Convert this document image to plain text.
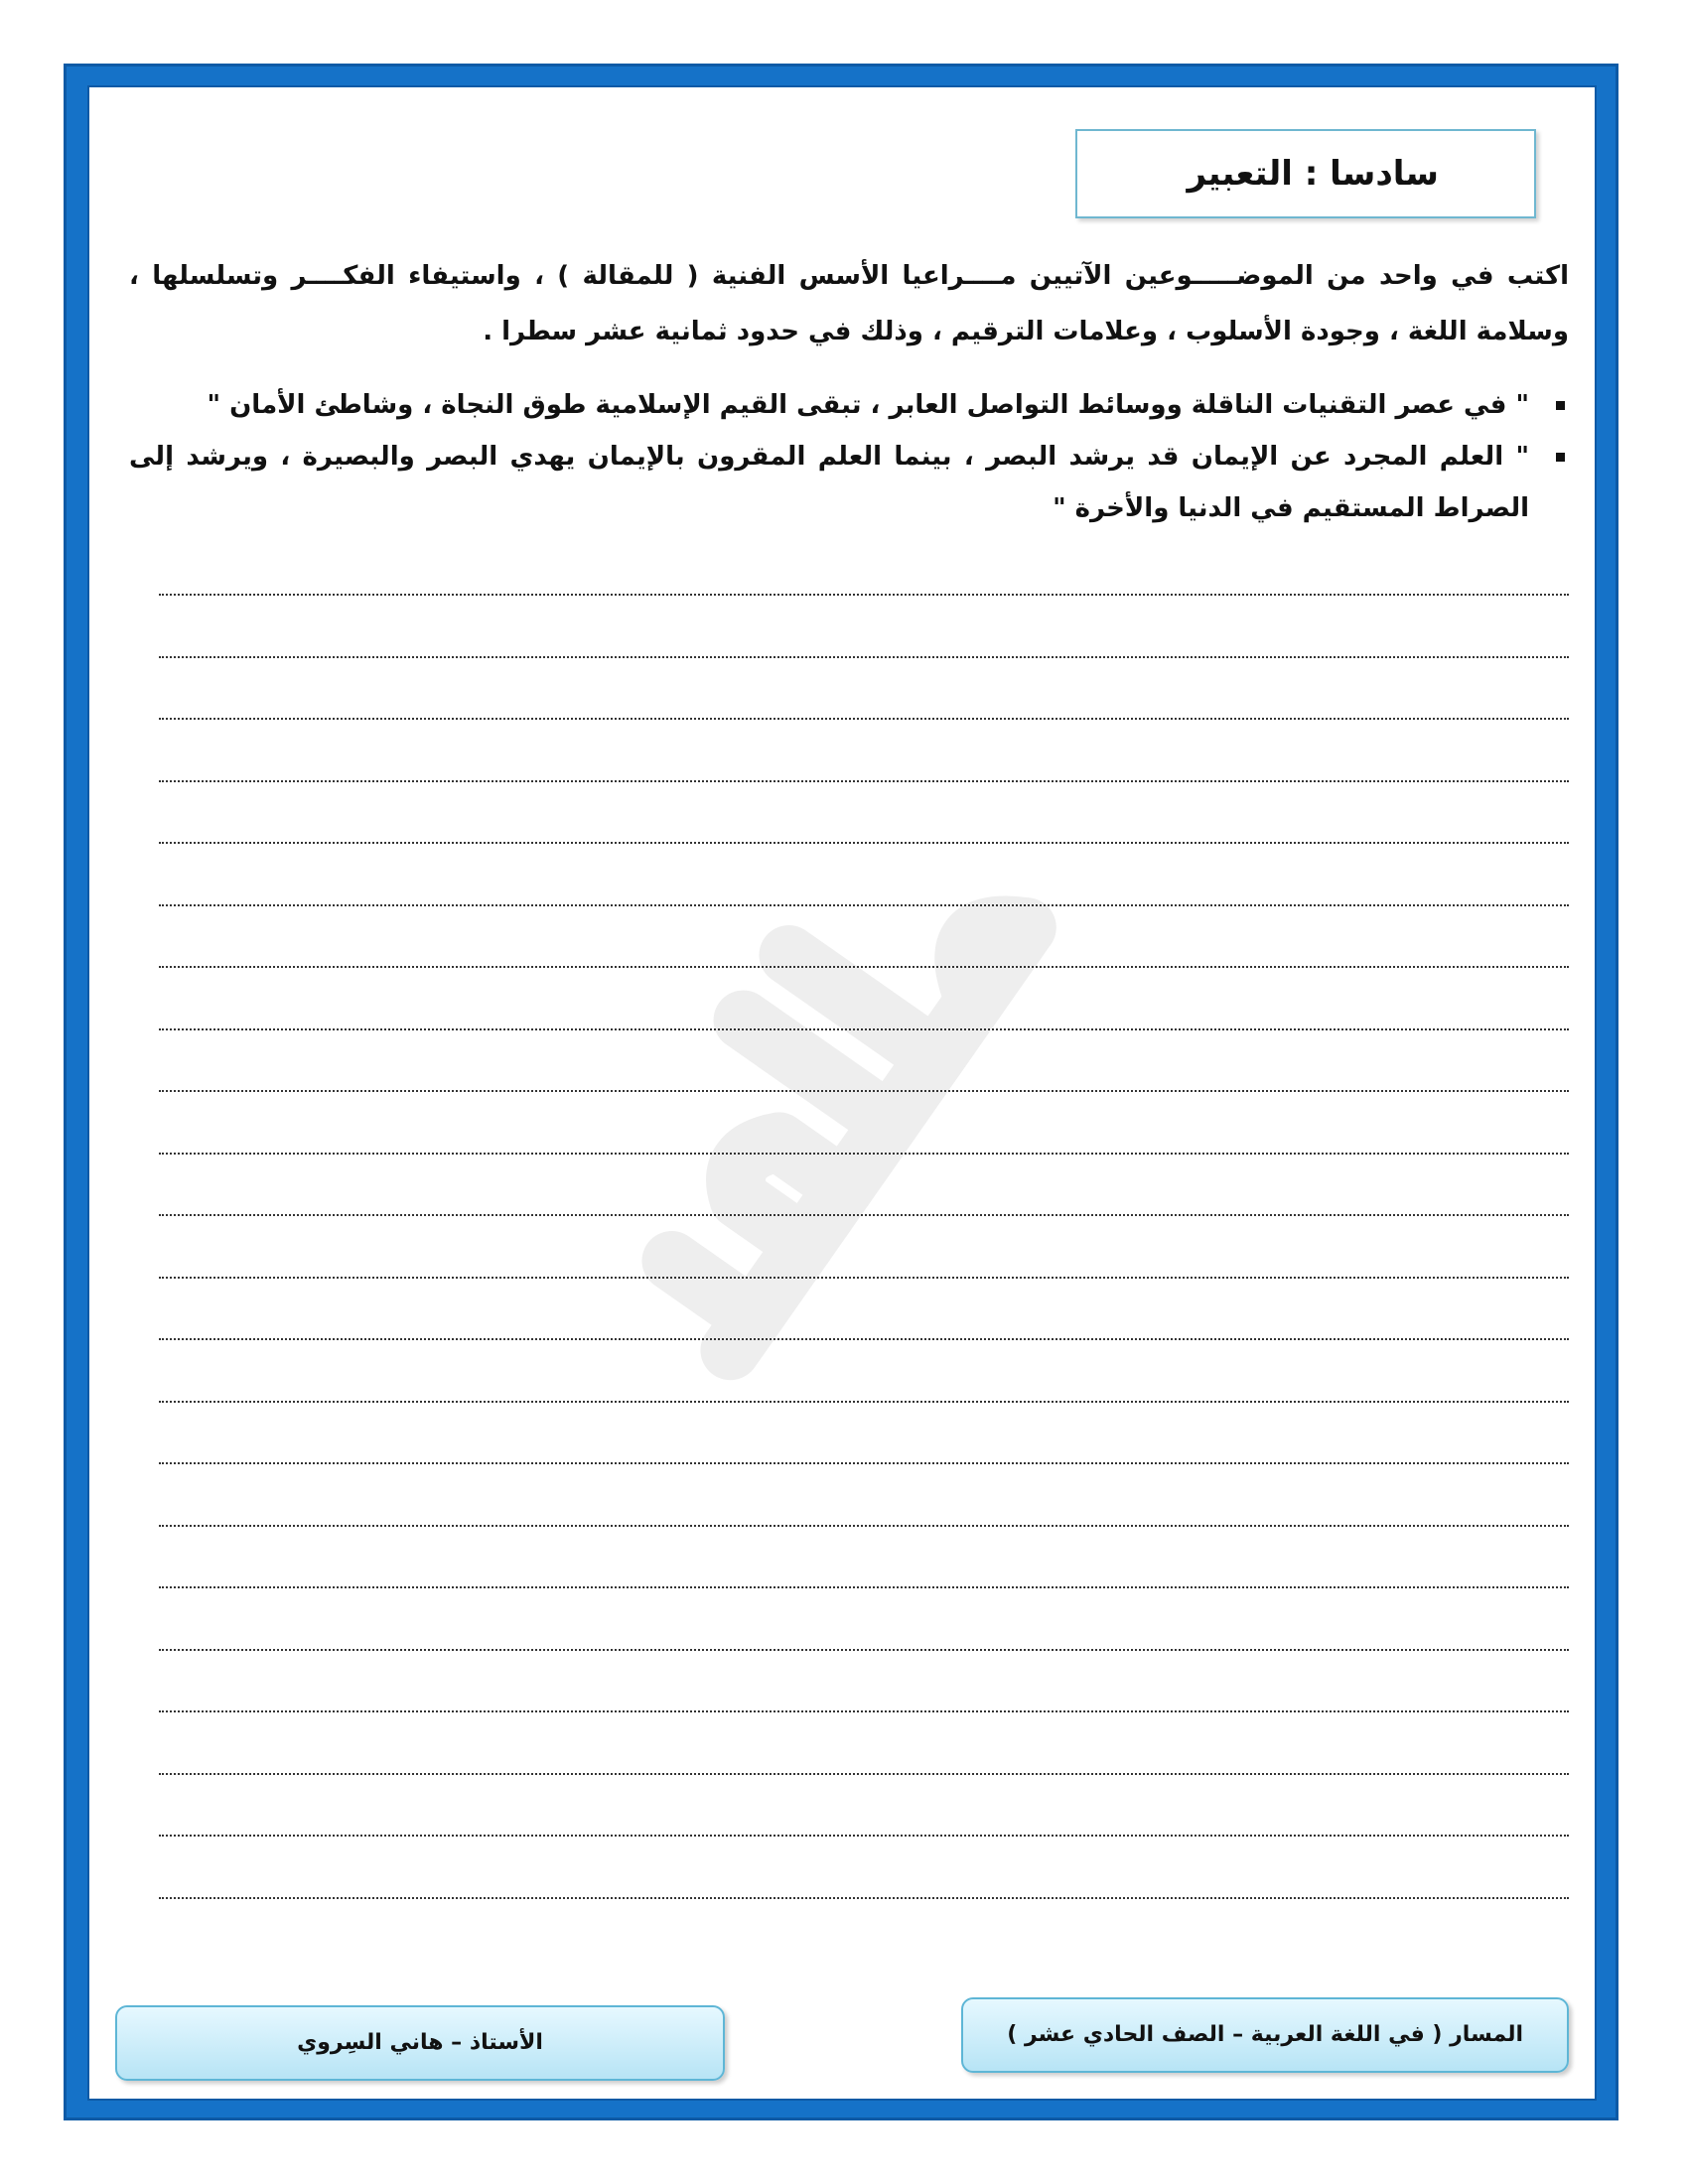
سادسا : التعبير
اكتب في واحد من الموضـــــوعين الآتيين مــــراعيا الأسس الفنية ( للمقالة ) ، واستيفاء الفكــــر وتسلسلها ، وسلامة اللغة ، وجودة الأسلوب ، وعلامات الترقيم ، وذلك في حدود ثمانية عشر سطرا .
" في عصر التقنيات الناقلة ووسائط التواصل العابر ، تبقى القيم الإسلامية طوق النجاة ، وشاطئ الأمان "
" العلم المجرد عن الإيمان قد يرشد البصر ، بينما العلم المقرون بالإيمان يهدي البصر والبصيرة ، ويرشد إلى الصراط المستقيم في الدنيا والأخرة "
المسار ( في اللغة العربية – الصف الحادي عشر )
الأستاذ – هاني السِروي
